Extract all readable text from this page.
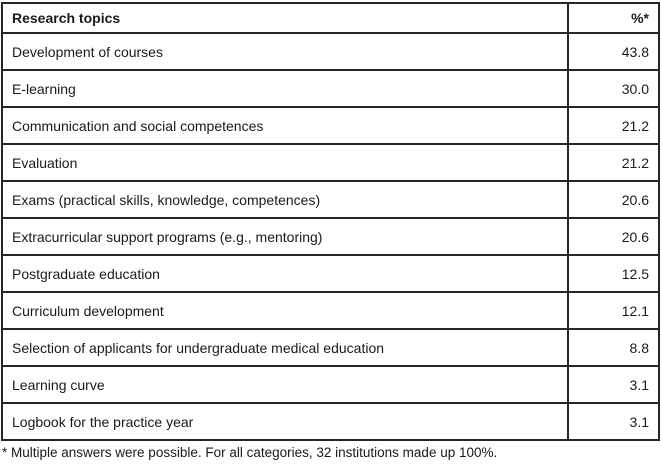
Research topics	%*
Development of courses	43.8
E-learning	30.0
Communication and social competences	21.2
Evaluation	21.2
Exams (practical skills, knowledge, competences)	20.6
Extracurricular support programs (e.g., mentoring)	20.6
Postgraduate education	12.5
Curriculum development	12.1
Selection of applicants for undergraduate medical education	8.8
Learning curve	3.1
Logbook for the practice year	3.1
* Multiple answers were possible. For all categories, 32 institutions made up 100%.
